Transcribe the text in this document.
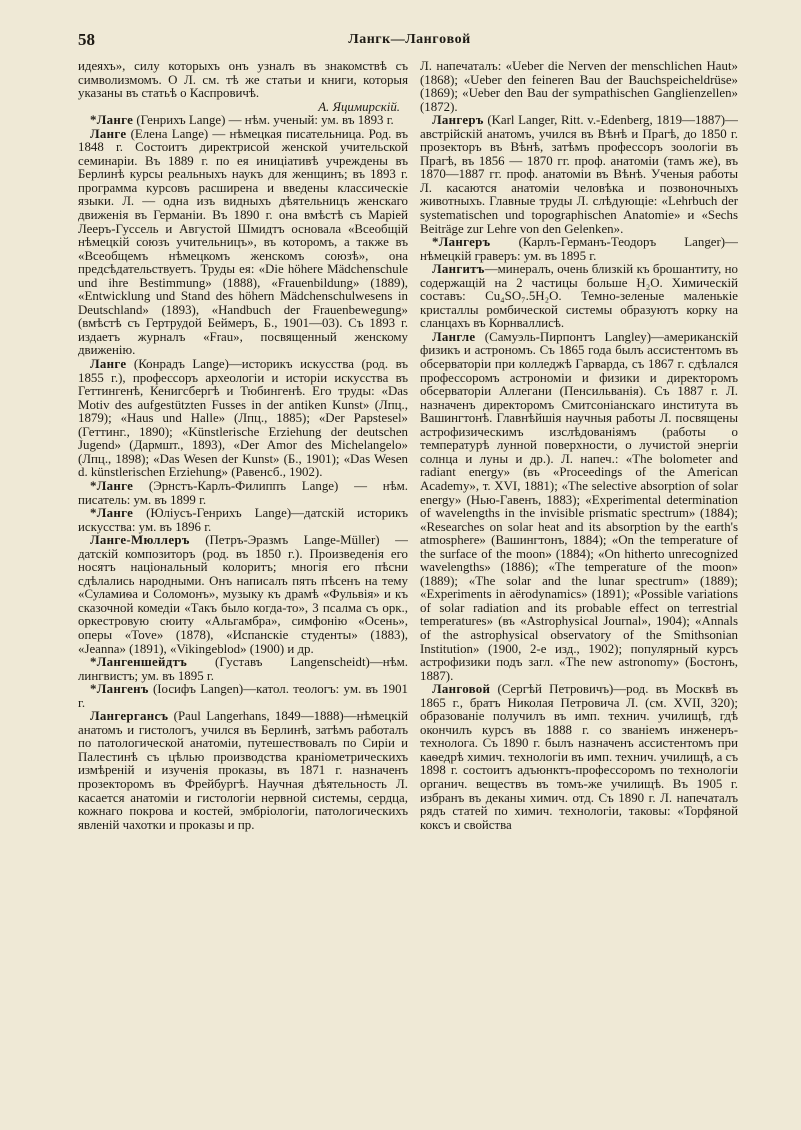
58	Лaнгк—Лaнгoвoй

идеяхъ», силу которыхъ онъ узналъ въ знакомствѣ съ символизмомъ. О Л. см. тѣ же статьи и книги, которыя указаны въ статьѣ о Каспровичѣ.
А. Яцимирскій.

*Ланге (Генрихъ Lange) — нѣм. ученый: ум. въ 1893 г.

Ланге (Елена Lange) — нѣмецкая писательница. Род. въ 1848 г. Состоитъ директрисой женской учительской семинаріи. Въ 1889 г. по ея иниціативѣ учреждены въ Берлинѣ курсы реальныхъ наукъ для женщинъ; въ 1893 г. программа курсовъ расширена и введены классическіе языки. Л. — одна изъ видныхъ дѣятельницъ женскаго движенія въ Германіи. Въ 1890 г. она вмѣстѣ съ Маріей Лееръ-Гуссель и Августой Шмидтъ основала «Всеобщій нѣмецкій союзъ учительницъ», въ которомъ, а также въ «Всеобщемъ нѣмецкомъ женскомъ союзѣ», она предсѣдательствуетъ. Труды ея: «Die höhere Mädchenschule und ihre Bestimmung» (1888), «Frauenbildung» (1889), «Entwicklung und Stand des höhern Mädchenschulwesens in Deutschland» (1893), «Handbuch der Frauenbewegung» (вмѣстѣ съ Гертрудой Беймеръ, Б., 1901—03). Съ 1893 г. издаетъ журналъ «Frau», посвященный женскому движенію.

Ланге (Конрадъ Lange)—историкъ искусства (род. въ 1855 г.), профессоръ археологіи и исторіи искусства въ Геттингенѣ, Кенигсбергѣ и Тюбингенѣ. Его труды: «Das Motiv des aufgestützten Fusses in der antiken Kunst» (Лпц., 1879); «Haus und Halle» (Лпц., 1885); «Der Papstesel» (Геттинг., 1890); «Künstlerische Erziehung der deutschen Jugend» (Дармшт., 1893), «Der Amor des Michelangelo» (Лпц., 1898); «Das Wesen der Kunst» (Б., 1901); «Das Wesen d. künstlerischen Erziehung» (Равенсб., 1902).

*Ланге (Эрнстъ-Карлъ-Филиппъ Lange) — нѣм. писатель: ум. въ 1899 г.

*Ланге (Юліусъ-Генрихъ Lange)—датскій историкъ искусства: ум. въ 1896 г.

Ланге-Мюллеръ (Петръ-Эразмъ Lange-Müller) — датскій композиторъ (род. въ 1850 г.). Произведенія его носятъ національный колоритъ; многія его пѣсни сдѣлались народными. Онъ написалъ пять пѣсенъ на тему «Суламиѳа и Соломонъ», музыку къ драмѣ «Фульвія» и къ сказочной комедіи «Такъ было когда-то», 3 псалма съ орк., оркестровую сюиту «Альгамбра», симфонію «Осень», оперы «Tove» (1878), «Испанскіе студенты» (1883), «Jeanna» (1891), «Vikingeblod» (1900) и др.

*Лангеншейдтъ (Густавъ Langenscheidt)—нѣм. лингвистъ; ум. въ 1895 г.

*Лангенъ (Іосифъ Langen)—катол. теологъ: ум. въ 1901 г.

Лангергансъ (Paul Langerhans, 1849—1888)—нѣмецкій анатомъ и гистологъ, учился въ Берлинѣ, затѣмъ работалъ по патологической анатоміи, путешествовалъ по Сиріи и Палестинѣ съ цѣлью производства краніометрическихъ измѣреній и изученія проказы, въ 1871 г. назначенъ прозекторомъ въ Фрейбургѣ. Научная дѣятельность Л. касается анатоміи и гистологіи нервной системы, сердца, кожнаго покрова и костей, эмбріологіи, патологическихъ явленій чахотки и проказы и пр.

Л. напечаталъ: «Ueber die Nerven der menschlichen Haut» (1868); «Ueber den feineren Bau der Bauchspeicheldrüse» (1869); «Ueber den Bau der sympathischen Ganglienzellen» (1872).

Лангеръ (Karl Langer, Ritt. v.-Edenberg, 1819—1887)—австрійскій анатомъ, учился въ Вѣнѣ и Прагѣ, до 1850 г. прозекторъ въ Вѣнѣ, затѣмъ профессоръ зоологіи въ Прагѣ, въ 1856 — 1870 гг. проф. анатоміи (тамъ же), въ 1870—1887 гг. проф. анатоміи въ Вѣнѣ. Ученыя работы Л. касаются анатоміи человѣка и позвоночныхъ животныхъ. Главные труды Л. слѣдующіе: «Lehrbuch der systematischen und topographischen Anatomie» и «Sechs Beiträge zur Lehre von den Gelenken».

*Лангеръ (Карлъ-Германъ-Теодоръ Langer)—нѣмецкій граверъ: ум. въ 1895 г.

Лангитъ—минералъ, очень близкій къ брошантиту, но содержащій на 2 частицы больше H₂O. Химическій составъ: Cu₄SO₇.5H₂O. Темно-зеленые маленькіе кристаллы ромбической системы образуютъ корку на сланцахъ въ Корнваллисѣ.

Лангле (Самуэль-Пирпонтъ Langley)—американскій физикъ и астрономъ. Съ 1865 года былъ ассистентомъ въ обсерваторіи при колледжѣ Гарварда, съ 1867 г. сдѣлался профессоромъ астрономіи и физики и директоромъ обсерваторіи Аллегани (Пенсильванія). Съ 1887 г. Л. назначенъ директоромъ Смитсоніанскаго института въ Вашингтонѣ. Главнѣйшія научныя работы Л. посвящены астрофизическимъ изслѣдованіямъ (работы о температурѣ лунной поверхности, о лучистой энергіи солнца и луны и др.). Л. напеч.: «The bolometer and radiant energy» (въ «Proceedings of the American Academy», т. XVI, 1881); «The selective absorption of solar energy» (Нью-Гавенъ, 1883); «Experimental determination of wavelengths in the invisible prismatic spectrum» (1884); «Researches on solar heat and its absorption by the earth's atmosphere» (Вашингтонъ, 1884); «On the temperature of the surface of the moon» (1884); «On hitherto unrecognized wavelengths» (1886); «The temperature of the moon» (1889); «The solar and the lunar spectrum» (1889); «Experiments in aërodynamics» (1891); «Possible variations of solar radiation and its probable effect on terrestrial temperatures» (въ «Astrophysical Journal», 1904); «Annals of the astrophysical observatory of the Smithsonian Institution» (1900, 2-е изд., 1902); популярный курсъ астрофизики подъ загл. «The new astronomy» (Бостонъ, 1887).

Ланговой (Сергѣй Петровичъ)—род. въ Москвѣ въ 1865 г., братъ Николая Петровича Л. (см. XVII, 320); образованіе получилъ въ имп. технич. училищѣ, гдѣ окончилъ курсъ въ 1888 г. со званіемъ инженеръ-технолога. Съ 1890 г. былъ назначенъ ассистентомъ при каѳедрѣ химич. технологіи въ имп. технич. училищѣ, а съ 1898 г. состоитъ адъюнктъ-профессоромъ по технологіи органич. веществъ въ томъ-же училищѣ. Въ 1905 г. избранъ въ деканы химич. отд. Съ 1890 г. Л. напечаталъ рядъ статей по химич. технологіи, таковы: «Торфяной коксъ и свойства
